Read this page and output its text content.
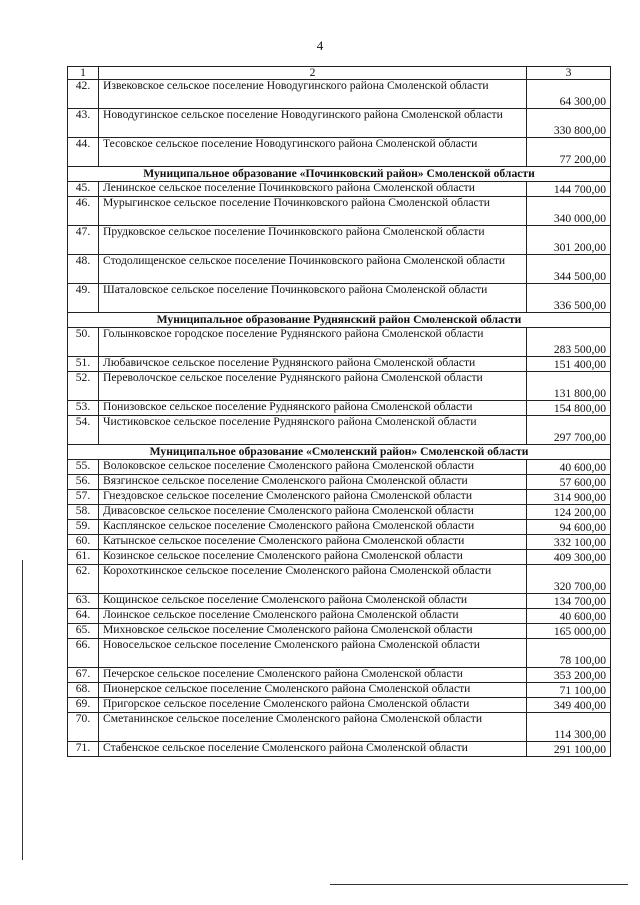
4
1	2	3
42.	Извековское сельское поселение Новодугинского района Смоленской области	64 300,00
43.	Новодугинское сельское поселение Новодугинского района Смоленской области	330 800,00
44.	Тесовское сельское поселение Новодугинского района Смоленской области	77 200,00
Муниципальное образование «Починковский район» Смоленской области		
45.	Ленинское сельское поселение Починковского района Смоленской области	144 700,00
46.	Мурыгинское сельское поселение Починковского района Смоленской области	340 000,00
47.	Прудковское сельское поселение Починковского района Смоленской области	301 200,00
48.	Стодолищенское сельское поселение Починковского района Смоленской области	344 500,00
49.	Шаталовское сельское поселение Починковского района Смоленской области	336 500,00
Муниципальное образование Руднянский район Смоленской области		
50.	Голынковское городское поселение Руднянского района Смоленской области	283 500,00
51.	Любавичское сельское поселение Руднянского района Смоленской области	151 400,00
52.	Переволочское сельское поселение Руднянского района Смоленской области	131 800,00
53.	Понизовское сельское поселение Руднянского района Смоленской области	154 800,00
54.	Чистиковское сельское поселение Руднянского района Смоленской области	297 700,00
Муниципальное образование «Смоленский район» Смоленской области		
55.	Волоковское сельское поселение Смоленского района Смоленской области	40 600,00
56.	Вязгинское сельское поселение Смоленского района Смоленской области	57 600,00
57.	Гнездовское сельское поселение Смоленского района Смоленской области	314 900,00
58.	Дивасовское сельское поселение Смоленского района Смоленской области	124 200,00
59.	Касплянское сельское поселение Смоленского района Смоленской области	94 600,00
60.	Катынское сельское поселение Смоленского района Смоленской области	332 100,00
61.	Козинское сельское поселение Смоленского района Смоленской области	409 300,00
62.	Корохоткинское сельское поселение Смоленского района Смоленской области	320 700,00
63.	Кощинское сельское поселение Смоленского района Смоленской области	134 700,00
64.	Лоинское сельское поселение Смоленского района Смоленской области	40 600,00
65.	Михновское сельское поселение Смоленского района Смоленской области	165 000,00
66.	Новосельское сельское поселение Смоленского района Смоленской области	78 100,00
67.	Печерское сельское поселение Смоленского района Смоленской области	353 200,00
68.	Пионерское сельское поселение Смоленского района Смоленской области	71 100,00
69.	Пригорское сельское поселение Смоленского района Смоленской области	349 400,00
70.	Сметанинское сельское поселение Смоленского района Смоленской области	114 300,00
71.	Стабенское сельское поселение Смоленского района Смоленской области	291 100,00
